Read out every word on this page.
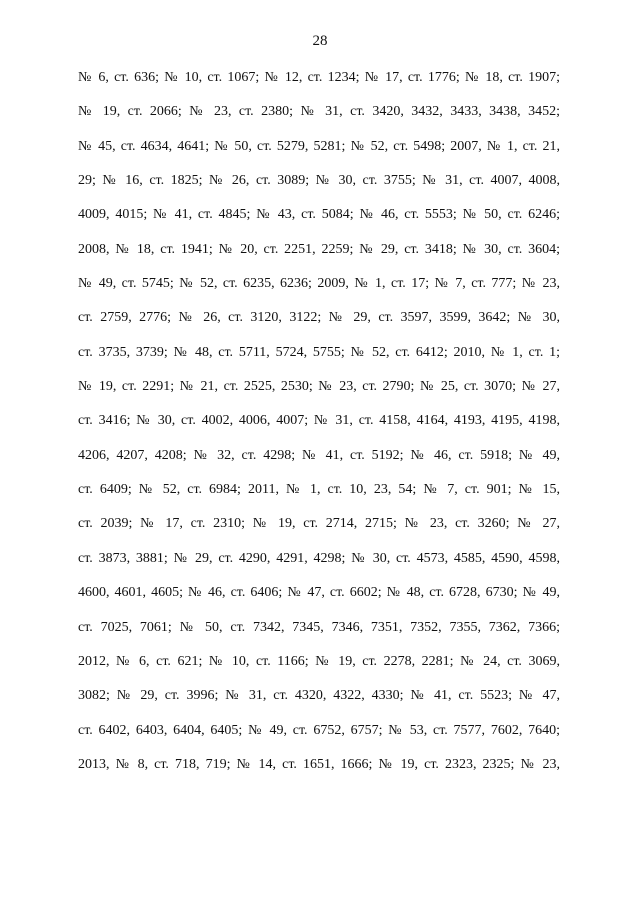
28
№ 6, ст. 636; № 10, ст. 1067; № 12, ст. 1234; № 17, ст. 1776; № 18, ст. 1907;
№ 19, ст. 2066; № 23, ст. 2380; № 31, ст. 3420, 3432, 3433, 3438, 3452;
№ 45, ст. 4634, 4641; № 50, ст. 5279, 5281; № 52, ст. 5498; 2007, № 1, ст. 21,
29; № 16, ст. 1825; № 26, ст. 3089; № 30, ст. 3755; № 31, ст. 4007, 4008,
4009, 4015; № 41, ст. 4845; № 43, ст. 5084; № 46, ст. 5553; № 50, ст. 6246;
2008, № 18, ст. 1941; № 20, ст. 2251, 2259; № 29, ст. 3418; № 30, ст. 3604;
№ 49, ст. 5745; № 52, ст. 6235, 6236; 2009, № 1, ст. 17; № 7, ст. 777; № 23,
ст. 2759, 2776; № 26, ст. 3120, 3122; № 29, ст. 3597, 3599, 3642; № 30,
ст. 3735, 3739; № 48, ст. 5711, 5724, 5755; № 52, ст. 6412; 2010, № 1, ст. 1;
№ 19, ст. 2291; № 21, ст. 2525, 2530; № 23, ст. 2790; № 25, ст. 3070; № 27,
ст. 3416; № 30, ст. 4002, 4006, 4007; № 31, ст. 4158, 4164, 4193, 4195, 4198,
4206, 4207, 4208; № 32, ст. 4298; № 41, ст. 5192; № 46, ст. 5918; № 49,
ст. 6409; № 52, ст. 6984; 2011, № 1, ст. 10, 23, 54; № 7, ст. 901; № 15,
ст. 2039; № 17, ст. 2310; № 19, ст. 2714, 2715; № 23, ст. 3260; № 27,
ст. 3873, 3881; № 29, ст. 4290, 4291, 4298; № 30, ст. 4573, 4585, 4590, 4598,
4600, 4601, 4605; № 46, ст. 6406; № 47, ст. 6602; № 48, ст. 6728, 6730; № 49,
ст. 7025, 7061; № 50, ст. 7342, 7345, 7346, 7351, 7352, 7355, 7362, 7366;
2012, № 6, ст. 621; № 10, ст. 1166; № 19, ст. 2278, 2281; № 24, ст. 3069,
3082; № 29, ст. 3996; № 31, ст. 4320, 4322, 4330; № 41, ст. 5523; № 47,
ст. 6402, 6403, 6404, 6405; № 49, ст. 6752, 6757; № 53, ст. 7577, 7602, 7640;
2013, № 8, ст. 718, 719; № 14, ст. 1651, 1666; № 19, ст. 2323, 2325; № 23,
